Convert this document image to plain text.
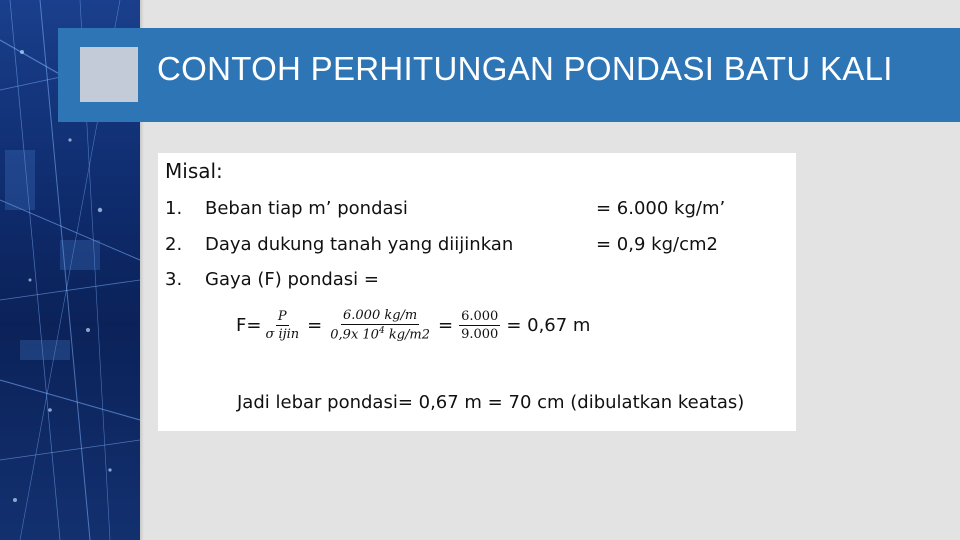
CONTOH PERHITUNGAN PONDASI BATU KALI
Misal:
1. Beban tiap m’ pondasi	= 6.000 kg/m’
2. Daya dukung tanah yang diijinkan	= 0,9 kg/cm2
3. Gaya (F) pondasi =
$F= \frac{P}{\text{σ ijin}} = \frac{6.000 kg/m}{0,9x 10^4 kg/m2} = \frac{6.000}{9.000} = 0,67$ m
Jadi lebar pondasi= 0,67 m = 70 cm (dibulatkan keatas)
